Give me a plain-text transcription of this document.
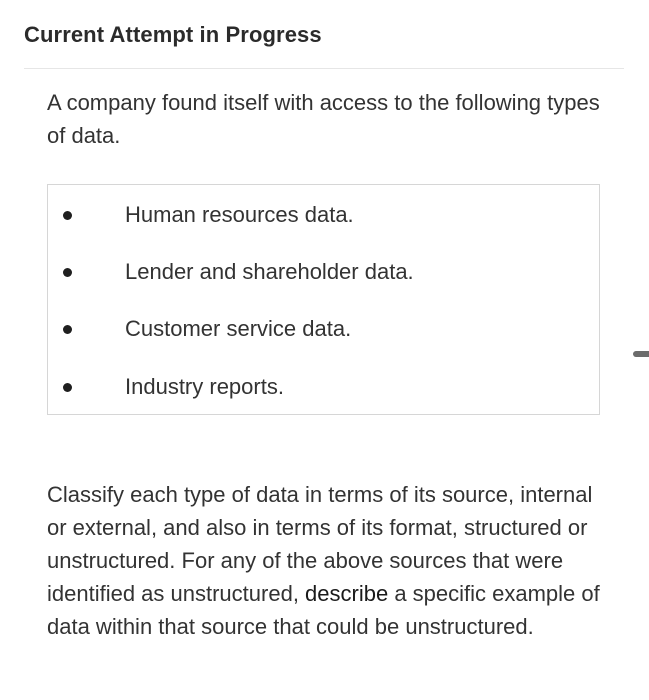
Current Attempt in Progress
A company found itself with access to the following types of data.
Human resources data.
Lender and shareholder data.
Customer service data.
Industry reports.
Classify each type of data in terms of its source, internal or external, and also in terms of its format, structured or unstructured. For any of the above sources that were identified as unstructured, describe a specific example of data within that source that could be unstructured.
